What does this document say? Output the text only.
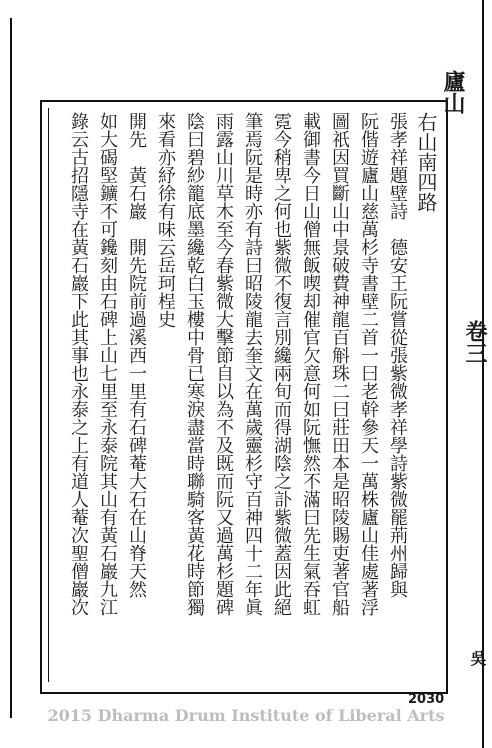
廬山
卷三
吳
右山南四路
張孝祥題壁詩　德安王阮嘗從張紫微孝祥學詩紫微罷荊州歸與
阮偕遊廬山慈萬杉寺書壁二首一曰老幹參天一萬株廬山佳處著浮
圖祇因買斷山中景破費神龍百斛珠二曰莊田本是昭陵賜吏著官船
載御書今日山僧無飯喫却催官欠意何如阮憮然不滿曰先生氣吞虹
霓今稍卑之何也紫微不復言別纔兩旬而得湖陰之訃紫微蓋因此絕
筆焉阮是時亦有詩曰昭陵龍去奎文在萬歲靈杉守百神四十二年眞
雨露山川草木至今春紫微大擊節自以為不及既而阮又過萬杉題碑
陰曰碧紗籠底墨纔乾白玉樓中骨已寒淚盡當時聯騎客黃花時節獨
來看亦紓徐有味云岳珂桯史
開先　黃石巖　開先院前過溪西一里有石碑菴大石在山脊天然
如大碣堅鑛不可鑱刻由石碑上山七里至永泰院其山有黃石巖九江
錄云古招隱寺在黃石巖下此其事也永泰之上有道人菴次聖僧巖次
2030
2015 Dharma Drum Institute of Liberal Arts
